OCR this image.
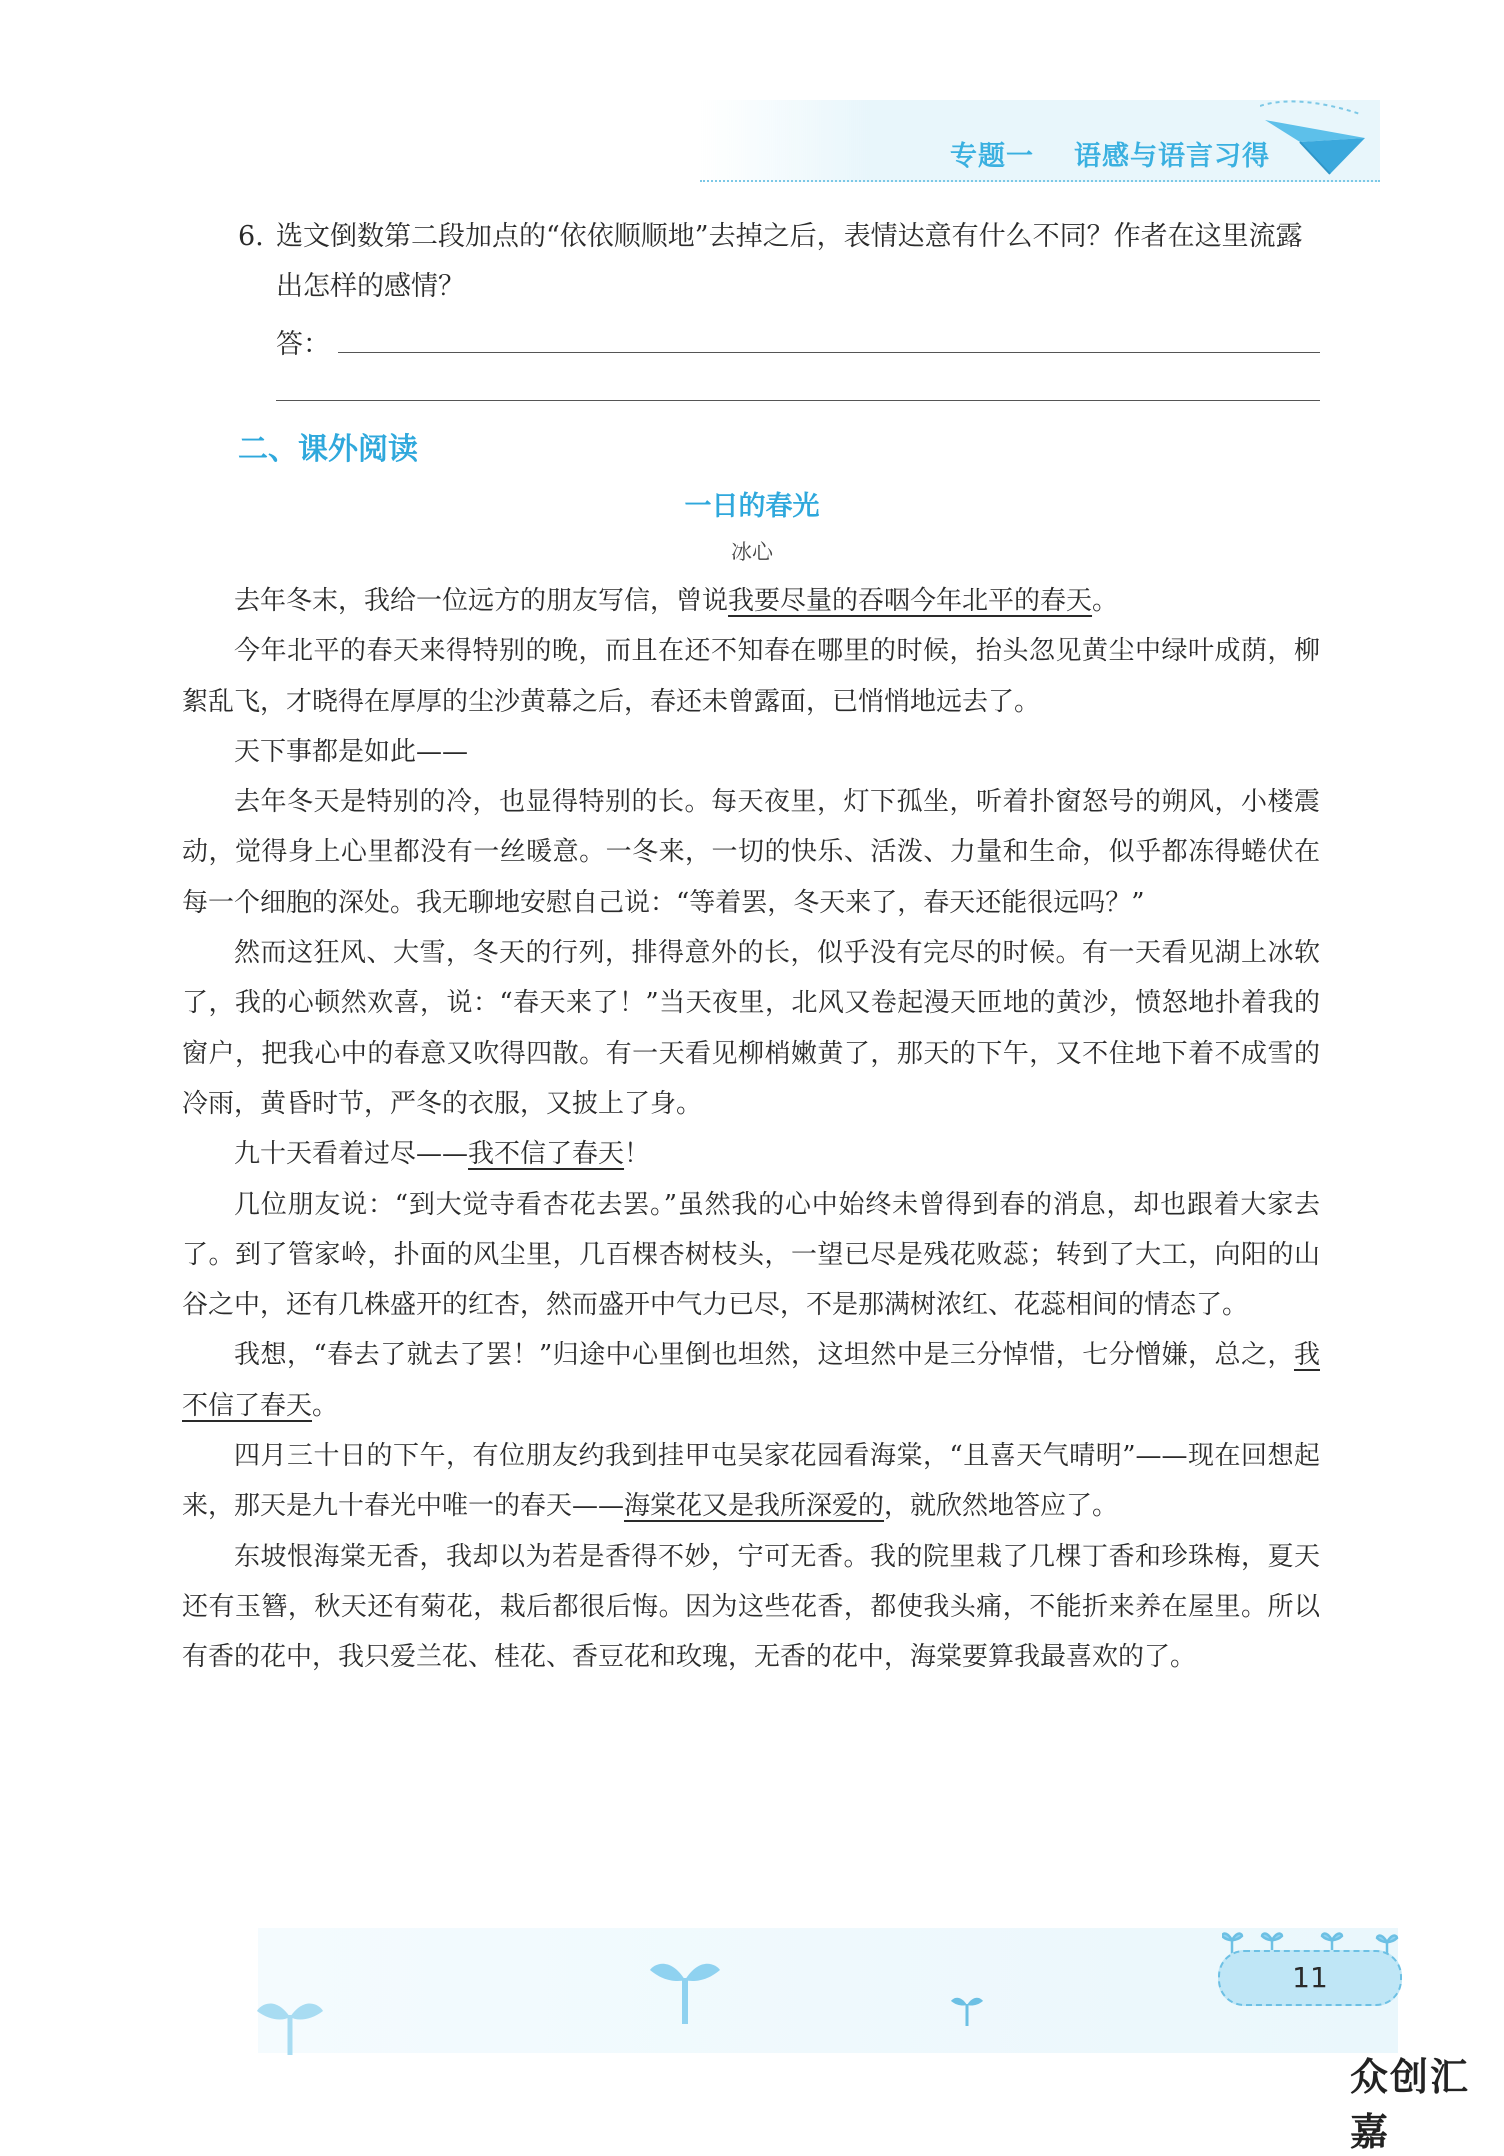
专题一 语感与语言习得
6. 选文倒数第二段加点的“依依顺顺地”去掉之后，表情达意有什么不同？作者在这里流露出怎样的感情？
答：
二、课外阅读
一日的春光
冰心

去年冬末，我给一位远方的朋友写信，曾说我要尽量的吞咽今年北平的春天。

今年北平的春天来得特别的晚，而且在还不知春在哪里的时候，抬头忽见黄尘中绿叶成荫，柳絮乱飞，才晓得在厚厚的尘沙黄幕之后，春还未曾露面，已悄悄地远去了。

天下事都是如此——

去年冬天是特别的冷，也显得特别的长。每天夜里，灯下孤坐，听着扑窗怒号的朔风，小楼震动，觉得身上心里都没有一丝暖意。一冬来，一切的快乐、活泼、力量和生命，似乎都冻得蜷伏在每一个细胞的深处。我无聊地安慰自己说：“等着罢，冬天来了，春天还能很远吗？”

然而这狂风、大雪，冬天的行列，排得意外的长，似乎没有完尽的时候。有一天看见湖上冰软了，我的心顿然欢喜，说：“春天来了！”当天夜里，北风又卷起漫天匝地的黄沙，愤怒地扑着我的窗户，把我心中的春意又吹得四散。有一天看见柳梢嫩黄了，那天的下午，又不住地下着不成雪的冷雨，黄昏时节，严冬的衣服，又披上了身。

九十天看着过尽——我不信了春天！

几位朋友说：“到大觉寺看杏花去罢。”虽然我的心中始终未曾得到春的消息，却也跟着大家去了。到了管家岭，扑面的风尘里，几百棵杏树枝头，一望已尽是残花败蕊；转到了大工，向阳的山谷之中，还有几株盛开的红杏，然而盛开中气力已尽，不是那满树浓红、花蕊相间的情态了。

我想，“春去了就去了罢！”归途中心里倒也坦然，这坦然中是三分悼惜，七分憎嫌，总之，我不信了春天。

四月三十日的下午，有位朋友约我到挂甲屯吴家花园看海棠，“且喜天气晴明”——现在回想起来，那天是九十春光中唯一的春天——海棠花又是我所深爱的，就欣然地答应了。

东坡恨海棠无香，我却以为若是香得不妙，宁可无香。我的院里栽了几棵丁香和珍珠梅，夏天还有玉簪，秋天还有菊花，栽后都很后悔。因为这些花香，都使我头痛，不能折来养在屋里。所以有香的花中，我只爱兰花、桂花、香豆花和玫瑰，无香的花中，海棠要算我最喜欢的了。

11
众创汇嘉
